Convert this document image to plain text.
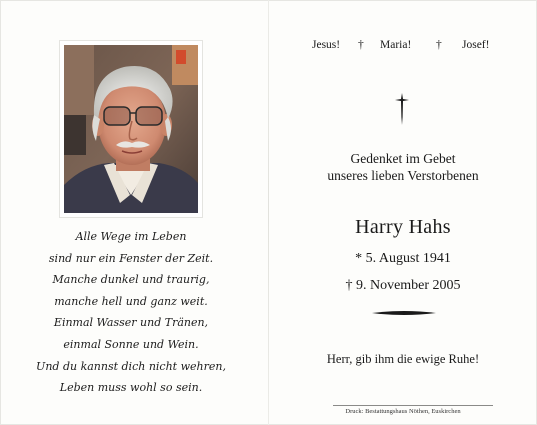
Alle Wege im Leben
sind nur ein Fenster der Zeit.
Manche dunkel und traurig,
manche hell und ganz weit.
Einmal Wasser und Tränen,
einmal Sonne und Wein.
Und du kannst dich nicht wehren,
Leben muss wohl so sein.
Jesus! † Maria! † Josef!
Gedenket im Gebet
unseres lieben Verstorbenen
Harry Hahs
* 5. August 1941
† 9. November 2005
Herr, gib ihm die ewige Ruhe!
Druck: Bestattungshaus Nöthen, Euskirchen
